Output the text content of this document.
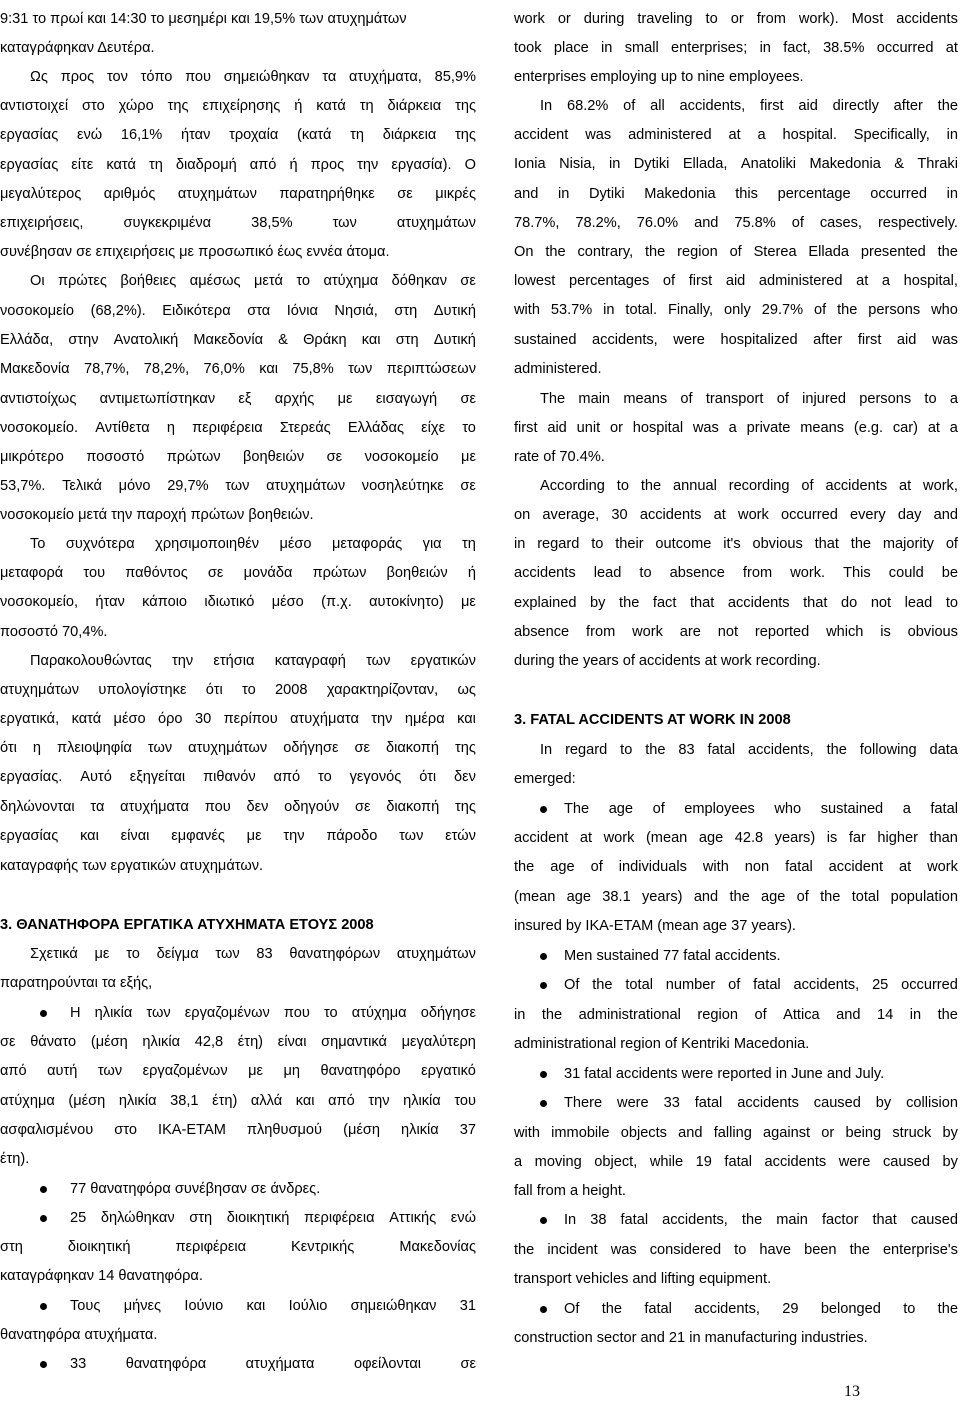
9:31 το πρωί και 14:30 το μεσημέρι και 19,5% των ατυχημάτων
καταγράφηκαν Δευτέρα.
Ως προς τον τόπο που σημειώθηκαν τα ατυχήματα, 85,9%
αντιστοιχεί στο χώρο της επιχείρησης ή κατά τη διάρκεια της
εργασίας ενώ 16,1% ήταν τροχαία (κατά τη διάρκεια της
εργασίας είτε κατά τη διαδρομή από ή προς την εργασία). Ο
μεγαλύτερος αριθμός ατυχημάτων παρατηρήθηκε σε μικρές
επιχειρήσεις,	συγκεκριμένα	38,5%	των	ατυχημάτων
συνέβησαν σε επιχειρήσεις με προσωπικό έως εννέα άτομα.
Οι πρώτες βοήθειες αμέσως μετά το ατύχημα δόθηκαν σε
νοσοκομείο (68,2%). Ειδικότερα στα Ιόνια Νησιά, στη Δυτική
Ελλάδα, στην Ανατολική Μακεδονία & Θράκη και στη Δυτική
Μακεδονία 78,7%, 78,2%, 76,0% και 75,8% των περιπτώσεων
αντιστοίχως αντιμετωπίστηκαν εξ αρχής με εισαγωγή σε
νοσοκομείο. Αντίθετα η περιφέρεια Στερεάς Ελλάδας είχε το
μικρότερο ποσοστό πρώτων βοηθειών σε νοσοκομείο με
53,7%. Τελικά μόνο 29,7% των ατυχημάτων νοσηλεύτηκε σε
νοσοκομείο μετά την παροχή πρώτων βοηθειών.
Το συχνότερα χρησιμοποιηθέν μέσο μεταφοράς για τη
μεταφορά του παθόντος σε μονάδα πρώτων βοηθειών ή
νοσοκομείο, ήταν κάποιο ιδιωτικό μέσο (π.χ. αυτοκίνητο) με
ποσοστό 70,4%.
Παρακολουθώντας την ετήσια καταγραφή των εργατικών
ατυχημάτων υπολογίστηκε ότι το 2008 χαρακτηρίζονταν, ως
εργατικά, κατά μέσο όρο 30 περίπου ατυχήματα την ημέρα και
ότι η πλειοψηφία των ατυχημάτων οδήγησε σε διακοπή της
εργασίας. Αυτό εξηγείται πιθανόν από το γεγονός ότι δεν
δηλώνονται τα ατυχήματα που δεν οδηγούν σε διακοπή της
εργασίας και είναι εμφανές με την πάροδο των ετών
καταγραφής των εργατικών ατυχημάτων.
3. ΘΑΝΑΤΗΦΟΡΑ ΕΡΓΑΤΙΚΑ ΑΤΥΧΗΜΑΤΑ ΕΤΟΥΣ 2008
Σχετικά με το δείγμα των 83 θανατηφόρων ατυχημάτων
παρατηρούνται τα εξής,
Η ηλικία των εργαζομένων που το ατύχημα οδήγησε
σε θάνατο (μέση ηλικία 42,8 έτη) είναι σημαντικά μεγαλύτερη
από αυτή των εργαζομένων με μη θανατηφόρο εργατικό
ατύχημα (μέση ηλικία 38,1 έτη) αλλά και από την ηλικία του
ασφαλισμένου στο ΙΚΑ-ΕΤΑΜ πληθυσμού (μέση ηλικία 37
έτη).
77 θανατηφόρα συνέβησαν σε άνδρες.
25 δηλώθηκαν στη διοικητική περιφέρεια Αττικής ενώ
στη	διοικητική	περιφέρεια	Κεντρικής	Μακεδονίας
καταγράφηκαν 14 θανατηφόρα.
Τους μήνες Ιούνιο και Ιούλιο σημειώθηκαν 31
θανατηφόρα ατυχήματα.
33	θανατηφόρα	ατυχήματα	οφείλονται	σε
work or during traveling to or from work). Most accidents
took place in small enterprises; in fact, 38.5% occurred at
enterprises employing up to nine employees.
In 68.2% of all accidents, first aid directly after the
accident was administered at a hospital. Specifically, in
Ionia Nisia, in Dytiki Ellada, Anatoliki Makedonia & Thraki
and in Dytiki Makedonia this percentage occurred in
78.7%, 78.2%, 76.0% and 75.8% of cases, respectively.
On the contrary, the region of Sterea Ellada presented the
lowest percentages of first aid administered at a hospital,
with 53.7% in total. Finally, only 29.7% of the persons who
sustained accidents, were hospitalized after first aid was
administered.
The main means of transport of injured persons to a
first aid unit or hospital was a private means (e.g. car) at a
rate of 70.4%.
According to the annual recording of accidents at work,
on average, 30 accidents at work occurred every day and
in regard to their outcome it's obvious that the majority of
accidents lead to absence from work. This could be
explained by the fact that accidents that do not lead to
absence from work are not reported which is obvious
during the years of accidents at work recording.
3. FATAL ACCIDENTS AT WORK IN 2008
In regard to the 83 fatal accidents, the following data
emerged:
The age of employees who sustained a fatal
accident at work (mean age 42.8 years) is far higher than
the age of individuals with non fatal accident at work
(mean age 38.1 years) and the age of the total population
insured by IKA-ETAM (mean age 37 years).
Men sustained 77 fatal accidents.
Of the total number of fatal accidents, 25 occurred
in the administrational region of Attica and 14 in the
administrational region of Kentriki Macedonia.
31 fatal accidents were reported in June and July.
There were 33 fatal accidents caused by collision
with immobile objects and falling against or being struck by
a moving object, while 19 fatal accidents were caused by
fall from a height.
In 38 fatal accidents, the main factor that caused
the incident was considered to have been the enterprise's
transport vehicles and lifting equipment.
Of the fatal accidents, 29 belonged to the
construction sector and 21 in manufacturing industries.
13
